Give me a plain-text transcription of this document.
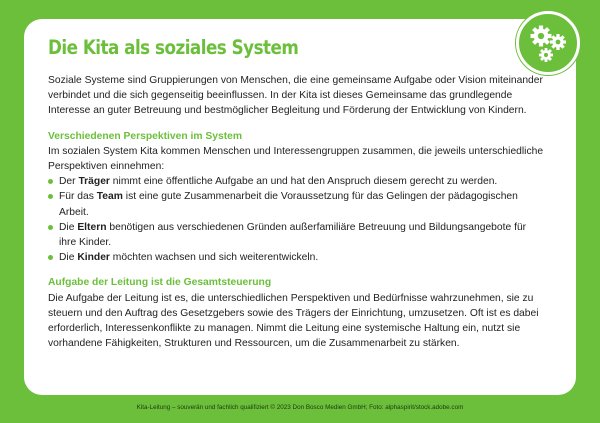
Die Kita als soziales System

Soziale Systeme sind Gruppierungen von Menschen, die eine gemeinsame Aufgabe oder Vision miteinander verbindet und die sich gegenseitig beeinflussen. In der Kita ist dieses Gemeinsame das grundlegende Interesse an guter Betreuung und bestmöglicher Begleitung und Förderung der Entwicklung von Kindern.

Verschiedenen Perspektiven im System

Im sozialen System Kita kommen Menschen und Interessengruppen zusammen, die jeweils unterschiedliche Perspektiven einnehmen:

Der Träger nimmt eine öffentliche Aufgabe an und hat den Anspruch diesem gerecht zu werden.
Für das Team ist eine gute Zusammenarbeit die Voraussetzung für das Gelingen der pädagogischen Arbeit.
Die Eltern benötigen aus verschiedenen Gründen außerfamiliäre Betreuung und Bildungsangebote für ihre Kinder.
Die Kinder möchten wachsen und sich weiterentwickeln.
Aufgabe der Leitung ist die Gesamtsteuerung

Die Aufgabe der Leitung ist es, die unterschiedlichen Perspektiven und Bedürfnisse wahrzunehmen, sie zu steuern und den Auftrag des Gesetzgebers sowie des Trägers der Einrichtung, umzusetzen. Oft ist es dabei erforderlich, Interessenkonflikte zu managen. Nimmt die Leitung eine systemische Haltung ein, nutzt sie vorhandene Fähigkeiten, Strukturen und Ressourcen, um die Zusammenarbeit zu stärken.

Kita-Leitung – souverän und fachlich qualifiziert © 2023 Don Bosco Medien GmbH; Foto: alphaspirit/stock.adobe.com
